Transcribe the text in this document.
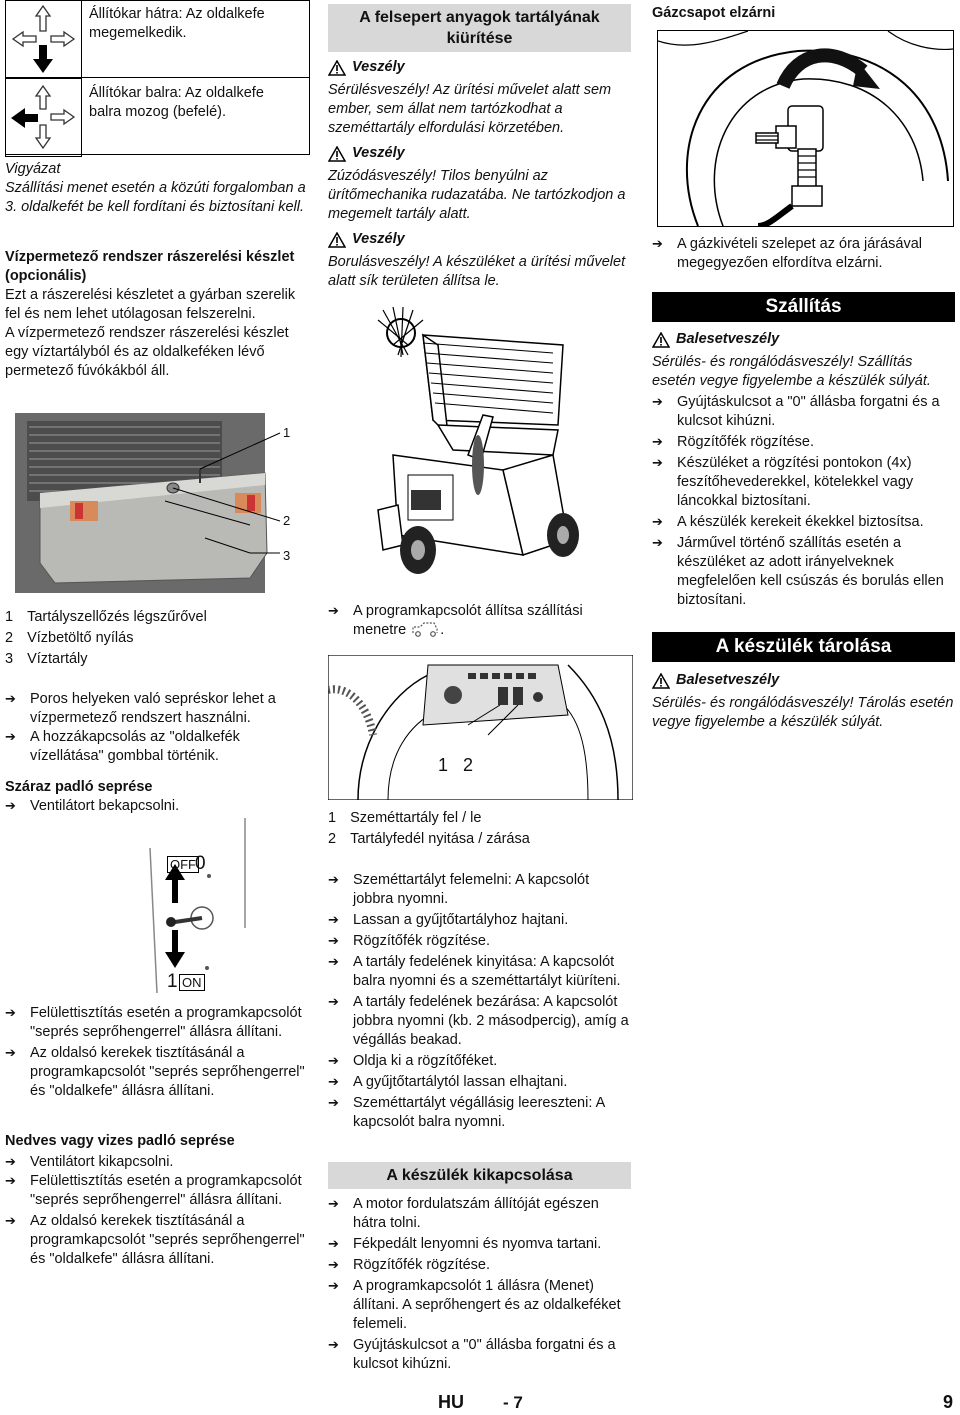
Állítókar hátra: Az oldalkefe megemelkedik.
Állítókar balra: Az oldalkefe balra mozog (befelé).

Vigyázat

Szállítási menet esetén a közúti forgalomban a 3. oldalkefét be kell fordítani és biztosítani kell.

Vízpermetező rendszer rászerelési készlet (opcionális)

Ezt a rászerelési készletet a gyárban szerelik fel és nem lehet utólagosan felszerelni.

A vízpermetező rendszer rászerelési készlet egy víztartályból és az oldalkeféken lévő permetező fúvókákból áll.

1
2
3
1 Tartályszellőzés légszűrővel
2 Vízbetöltő nyílás
3 Víztartály

➔ Poros helyeken való sepréskor lehet a vízpermetező rendszert használni.

➔ A hozzákapcsolás az "oldalkefék vízellátása" gombbal történik.

Száraz padló seprése

➔ Ventilátort bekapcsolni.

OFF 0
1 ON

➔ Felülettisztítás esetén a programkapcsolót "seprés seprőhengerrel" állásra állítani.

➔ Az oldalsó kerekek tisztításánál a programkapcsolót "seprés seprőhengerrel" és "oldalkefe" állásra állítani.

Nedves vagy vizes padló seprése

➔ Ventilátort kikapcsolni.

➔ Felülettisztítás esetén a programkapcsolót "seprés seprőhengerrel" állásra állítani.

➔ Az oldalsó kerekek tisztításánál a programkapcsolót "seprés seprőhengerrel" és "oldalkefe" állásra állítani.

A felsepert anyagok tartályának kiürítése
Veszély

Sérülésveszély! Az ürítési művelet alatt sem ember, sem állat nem tartózkodhat a szeméttartály elfordulási körzetében.

Veszély

Zúzódásveszély! Tilos benyúlni az ürítőmechanika rudazatába. Ne tartózkodjon a megemelt tartály alatt.

Veszély

Borulásveszély! A készüléket a ürítési művelet alatt sík területen állítsa le.

➔ A programkapcsolót állítsa szállítási menetre .

1 2
1 Szeméttartály fel / le
2 Tartályfedél nyitása / zárása

➔ Szeméttartályt felemelni: A kapcsolót jobbra nyomni.

➔ Lassan a gyűjtőtartályhoz hajtani.

➔ Rögzítőfék rögzítése.

➔ A tartály fedelének kinyitása: A kapcsolót balra nyomni és a szeméttartályt kiüríteni.

➔ A tartály fedelének bezárása: A kapcsolót jobbra nyomni (kb. 2 másodpercig), amíg a végállás beakad.

➔ Oldja ki a rögzítőféket.

➔ A gyűjtőtartálytól lassan elhajtani.

➔ Szeméttartályt végállásig leereszteni: A kapcsolót balra nyomni.

A készülék kikapcsolása

➔ A motor fordulatszám állítóját egészen hátra tolni.

➔ Fékpedált lenyomni és nyomva tartani.

➔ Rögzítőfék rögzítése.

➔ A programkapcsolót 1 állásra (Menet) állítani. A seprőhengert és az oldalkeféket felemeli.

➔ Gyújtáskulcsot a "0" állásba forgatni és a kulcsot kihúzni.

Gázcsapot elzárni

➔ A gázkivételi szelepet az óra járásával megegyezően elfordítva elzárni.

Szállítás
Balesetveszély

Sérülés- és rongálódásveszély! Szállítás esetén vegye figyelembe a készülék súlyát.

➔ Gyújtáskulcsot a "0" állásba forgatni és a kulcsot kihúzni.

➔ Rögzítőfék rögzítése.

➔ Készüléket a rögzítési pontokon (4x) feszítőhevederekkel, kötelekkel vagy láncokkal biztosítani.

➔ A készülék kerekeit ékekkel biztosítsa.

➔ Járművel történő szállítás esetén a készüléket az adott irányelveknek megfelelően kell csúszás és borulás ellen biztosítani.

A készülék tárolása
Balesetveszély

Sérülés- és rongálódásveszély! Tárolás esetén vegye figyelembe a készülék súlyát.

HU - 7	9
